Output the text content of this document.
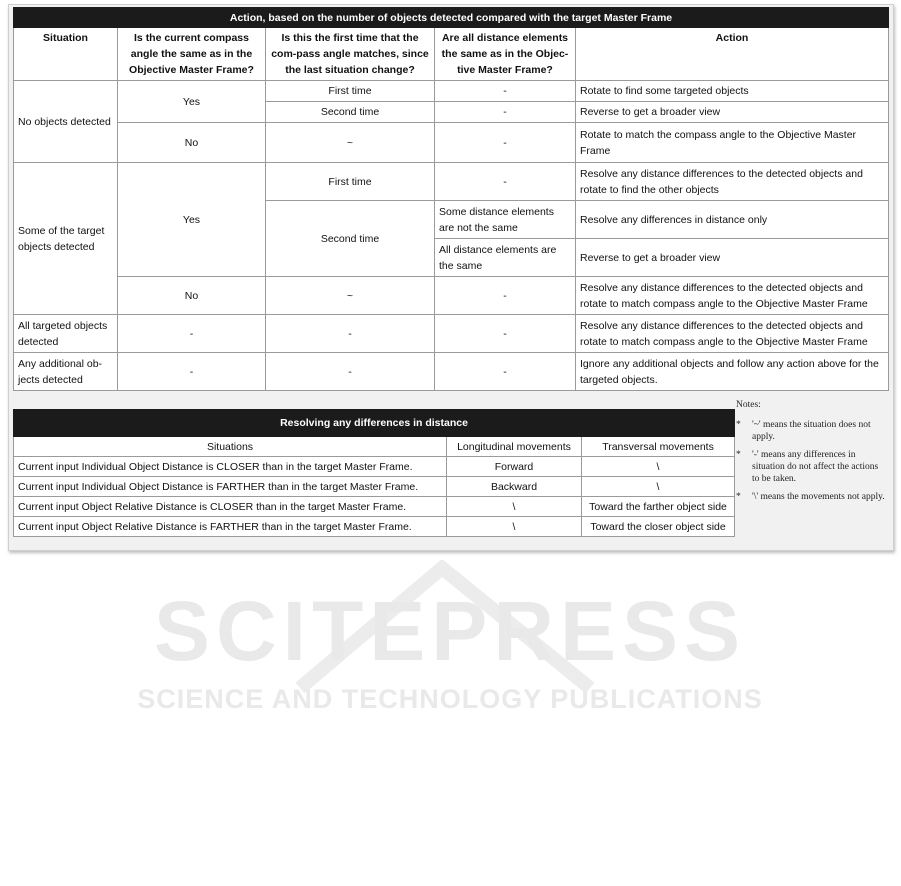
Action, based on the number of objects detected compared with the target Master Frame				
Situation	Is the current compass angle the same as in the Objective Master Frame?	Is this the first time that the com-pass angle matches, since the last situation change?	Are all distance elements the same as in the Objec-tive Master Frame?	Action
No objects detected	Yes	First time	-	Rotate to find some targeted objects
		Second time	-	Reverse to get a broader view
	No	~	-	Rotate to match the compass angle to the Objective Master Frame
Some of the target objects detected	Yes	First time	-	Resolve any distance differences to the detected objects and rotate to find the other objects
		Second time	Some distance elements are not the same	Resolve any differences in distance only
			All distance elements are the same	Reverse to get a broader view
	No	~	-	Resolve any distance differences to the detected objects and rotate to match compass angle to the Objective Master Frame
All targeted objects detected	-	-	-	Resolve any distance differences to the detected objects and rotate to match compass angle to the Objective Master Frame
Any additional ob-jects detected	-	-	-	Ignore any additional objects and follow any action above for the targeted objects.
Resolving any differences in distance		
Situations	Longitudinal movements	Transversal movements
Current input Individual Object Distance is CLOSER than in the target Master Frame.	Forward	\
Current input Individual Object Distance is FARTHER than in the target Master Frame.	Backward	\
Current input Object Relative Distance is CLOSER than in the target Master Frame.	\	Toward the farther object side
Current input Object Relative Distance is FARTHER than in the target Master Frame.	\	Toward the closer object side
Notes:
* '~' means the situation does not apply.
* '-' means any differences in situation do not affect the actions to be taken.
* '\' means the movements not apply.
SCITEPRESS
SCIENCE AND TECHNOLOGY PUBLICATIONS
